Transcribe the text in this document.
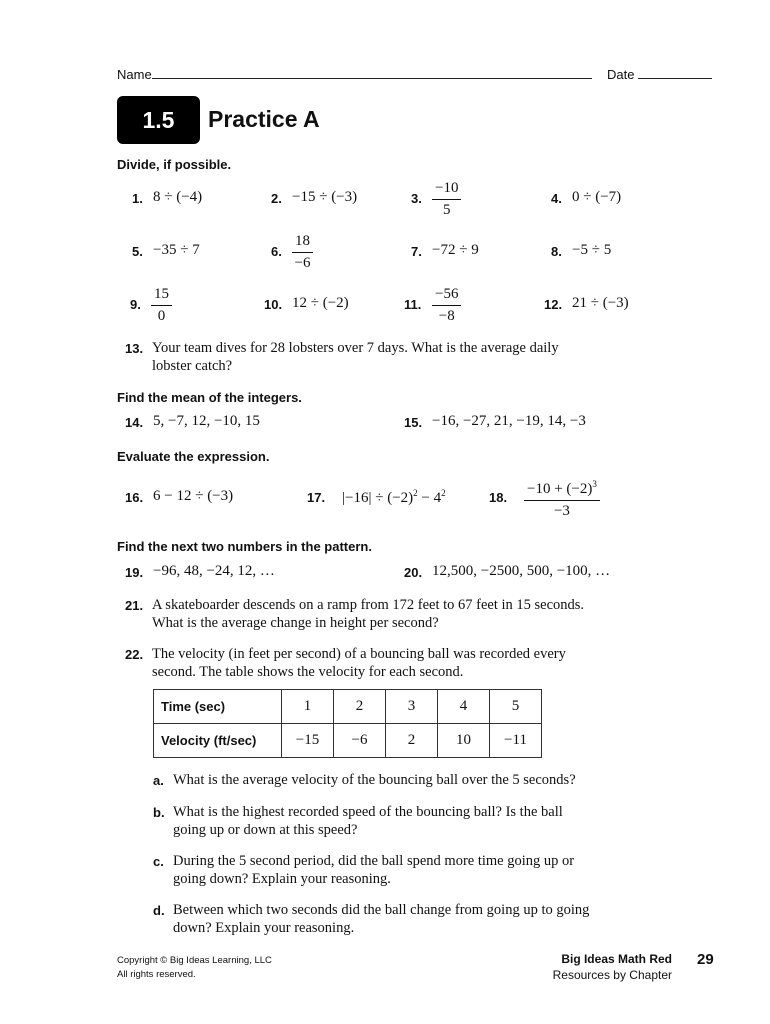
Name	Date
1.5	Practice A
Divide, if possible.
1. 8 ÷ (−4)	2. −15 ÷ (−3)	3. $\frac{-10}{5}$	4. 0 ÷ (−7)
5. −35 ÷ 7	6. $\frac{18}{-6}$	7. −72 ÷ 9	8. −5 ÷ 5
9. $\frac{15}{0}$	10. 12 ÷ (−2)	11. $\frac{-56}{-8}$	12. 21 ÷ (−3)
13. Your team dives for 28 lobsters over 7 days. What is the average daily
lobster catch?
Find the mean of the integers.
14. 5, −7, 12, −10, 15	15. −16, −27, 21, −19, 14, −3
Evaluate the expression.
16. 6 − 12 ÷ (−3)	17. $|-16| \div (-2)^2 - 4^2$	18. $\frac{-10 + (-2)^3}{-3}$
Find the next two numbers in the pattern.
19. −96, 48, −24, 12, …	20. 12,500, −2500, 500, −100, …
21. A skateboarder descends on a ramp from 172 feet to 67 feet in 15 seconds.
What is the average change in height per second?
22. The velocity (in feet per second) of a bouncing ball was recorded every
second. The table shows the velocity for each second.
Time (sec)	1	2	3	4	5
Velocity (ft/sec)	−15	−6	2	10	−11
a. What is the average velocity of the bouncing ball over the 5 seconds?
b. What is the highest recorded speed of the bouncing ball? Is the ball
going up or down at this speed?
c. During the 5 second period, did the ball spend more time going up or
going down? Explain your reasoning.
d. Between which two seconds did the ball change from going up to going
down? Explain your reasoning.
Copyright © Big Ideas Learning, LLC
All rights reserved.
Big Ideas Math Red
Resources by Chapter
29
